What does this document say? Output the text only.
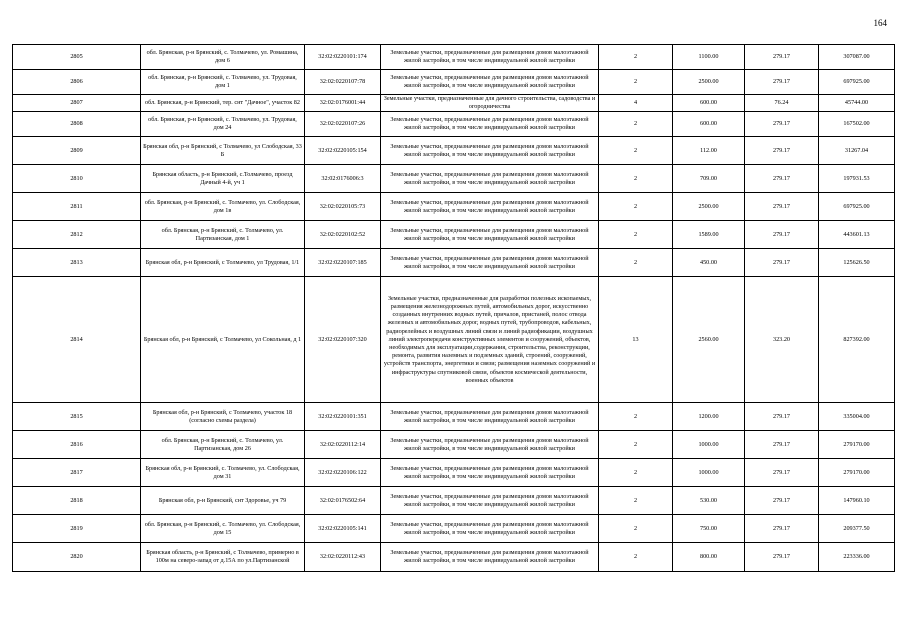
164
2805	обл. Брянская, р-н Брянский, с. Толмачево, ул. Ромашина, дом 6	32:02:0220101:174	Земельные участки, предназначенные для размещения домов малоэтажной жилой застройки, в том числе индивидуальной жилой застройки	2	1100.00	279.17	307087.00
2806	обл. Брянская, р-н Брянский, с. Толмачево, ул. Трудовая, дом 1	32:02:0220107:78	Земельные участки, предназначенные для размещения домов малоэтажной жилой застройки, в том числе индивидуальной жилой застройки	2	2500.00	279.17	697925.00
2807	обл. Брянская, р-н Брянский, тер. снт "Дачное", участок 82	32:02:0176001:44	Земельные участки, предназначенные для дачного строительства, садоводства и огородничества	4	600.00	76.24	45744.00
2808	обл. Брянская, р-н Брянский, с. Толмачево, ул. Трудовая, дом 24	32:02:0220107:26	Земельные участки, предназначенные для размещения домов малоэтажной жилой застройки, в том числе индивидуальной жилой застройки	2	600.00	279.17	167502.00
2809	Брянская обл, р-н Брянский, с Толмачево, ул Слободская, 33 Б	32:02:0220105:154	Земельные участки, предназначенные для размещения домов малоэтажной жилой застройки, в том числе индивидуальной жилой застройки	2	112.00	279.17	31267.04
2810	Брянская область, р-н Брянский, с.Толмачево, проезд Дачный 4-й, уч 1	32:02:0176006:3	Земельные участки, предназначенные для размещения домов малоэтажной жилой застройки, в том числе индивидуальной жилой застройки	2	709.00	279.17	197931.53
2811	обл. Брянская, р-н Брянский, с. Толмачево, ул. Слободская, дом 1в	32:02:0220105:73	Земельные участки, предназначенные для размещения домов малоэтажной жилой застройки, в том числе индивидуальной жилой застройки	2	2500.00	279.17	697925.00
2812	обл. Брянская, р-н Брянский, с. Толмачево, ул. Партизанская, дом 1	32:02:0220102:52	Земельные участки, предназначенные для размещения домов малоэтажной жилой застройки, в том числе индивидуальной жилой застройки	2	1589.00	279.17	443601.13
2813	Брянская обл, р-н Брянский, с Толмачево, ул Трудовая, 1/1	32:02:0220107:185	Земельные участки, предназначенные для размещения домов малоэтажной жилой застройки, в том числе индивидуальной жилой застройки	2	450.00	279.17	125626.50
2814	Брянская обл, р-н Брянский, с Толмачево, ул Сокольная, д 1	32:02:0220107:320	Земельные участки, предназначенные для разработки полезных ископаемых, размещения железнодорожных путей, автомобильных дорог, искусственно созданных внутренних водных путей, причалов, пристаней, полос отвода железных и автомобильных дорог, водных путей, трубопроводов, кабельных, радиорелейных и воздушных линий связи и линий радиофикации, воздушных линий электропередачи конструктивных элементов и сооружений, объектов, необходимых для эксплуатации,содержания, строительства, реконструкции, ремонта, развития наземных и подземных зданий, строений, сооружений, устройств транспорта, энергетики и связи; размещения наземных сооружений и инфраструктуры спутниковой связи, объектов космической деятельности, военных объектов	13	2560.00	323.20	827392.00
2815	Брянская обл, р-н Брянский, с Толмачево, участок 18 (согласно схемы раздела)	32:02:0220101:351	Земельные участки, предназначенные для размещения домов малоэтажной жилой застройки, в том числе индивидуальной жилой застройки	2	1200.00	279.17	335004.00
2816	обл. Брянская, р-н Брянский, с. Толмачево, ул. Партизанская, дом 26	32:02:0220112:14	Земельные участки, предназначенные для размещения домов малоэтажной жилой застройки, в том числе индивидуальной жилой застройки	2	1000.00	279.17	279170.00
2817	Брянская обл, р-н Брянский, с. Толмачево, ул. Слободская, дом 31	32:02:0220106:122	Земельные участки, предназначенные для размещения домов малоэтажной жилой застройки, в том числе индивидуальной жилой застройки	2	1000.00	279.17	279170.00
2818	Брянская обл, р-н Брянский, снт Здоровье, уч 79	32:02:0176502:64	Земельные участки, предназначенные для размещения домов малоэтажной жилой застройки, в том числе индивидуальной жилой застройки	2	530.00	279.17	147960.10
2819	обл. Брянская, р-н Брянский, с. Толмачево, ул. Слободская, дом 15	32:02:0220105:141	Земельные участки, предназначенные для размещения домов малоэтажной жилой застройки, в том числе индивидуальной жилой застройки	2	750.00	279.17	209377.50
2820	Брянская область, р-н Брянский, с Толмачево, примерно в 100м на северо-запад от д.15А по ул.Партизанской	32:02:0220112:43	Земельные участки, предназначенные для размещения домов малоэтажной жилой застройки, в том числе индивидуальной жилой застройки	2	800.00	279.17	223336.00
